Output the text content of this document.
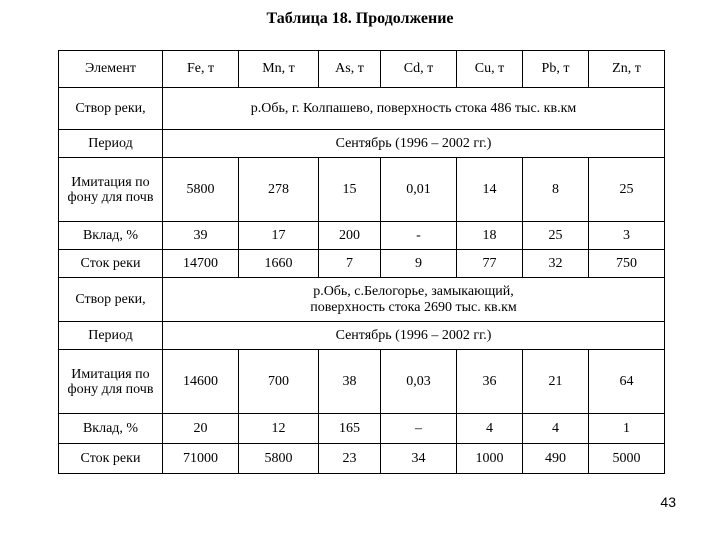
Таблица 18. Продолжение
Элемент	Fe, т	Mn, т	As, т	Cd, т	Cu, т	Pb, т	Zn, т
Створ реки,	р.Обь, г. Колпашево, поверхность стока 486 тыс. кв.км						
Период	Сентябрь (1996 – 2002 гг.)						
Имитация по фону для почв	5800	278	15	0,01	14	8	25
Вклад, %	39	17	200	-	18	25	3
Сток реки	14700	1660	7	9	77	32	750
Створ реки,	р.Обь, с.Белогорье, замыкающий, поверхность стока 2690 тыс. кв.км						
Период	Сентябрь (1996 – 2002 гг.)						
Имитация по фону для почв	14600	700	38	0,03	36	21	64
Вклад, %	20	12	165	–	4	4	1
Сток реки	71000	5800	23	34	1000	490	5000
43
